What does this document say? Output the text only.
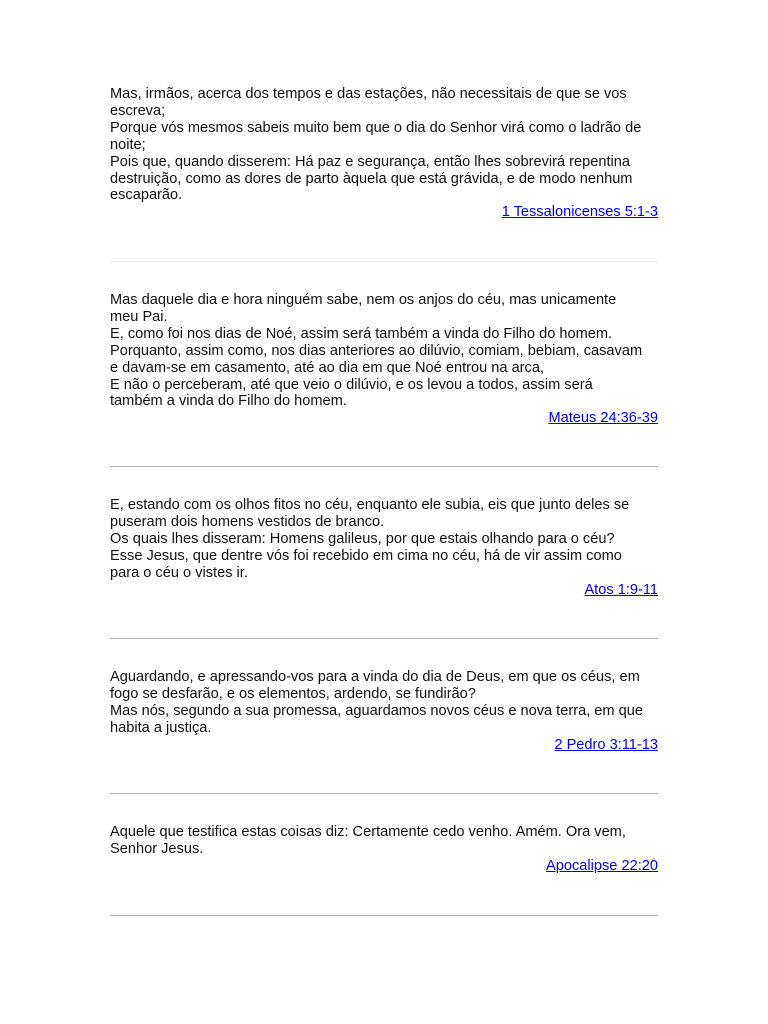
Mas, irmãos, acerca dos tempos e das estações, não necessitais de que se vos
escreva;
Porque vós mesmos sabeis muito bem que o dia do Senhor virá como o ladrão de
noite;
Pois que, quando disserem: Há paz e segurança, então lhes sobrevirá repentina
destruição, como as dores de parto àquela que está grávida, e de modo nenhum
escaparão.

1 Tessalonicenses 5:1-3

Mas daquele dia e hora ninguém sabe, nem os anjos do céu, mas unicamente
meu Pai.
E, como foi nos dias de Noé, assim será também a vinda do Filho do homem.
Porquanto, assim como, nos dias anteriores ao dilúvio, comiam, bebiam, casavam
e davam-se em casamento, até ao dia em que Noé entrou na arca,
E não o perceberam, até que veio o dilúvio, e os levou a todos, assim será
também a vinda do Filho do homem.

Mateus 24:36-39

E, estando com os olhos fitos no céu, enquanto ele subia, eis que junto deles se
puseram dois homens vestidos de branco.
Os quais lhes disseram: Homens galileus, por que estais olhando para o céu?
Esse Jesus, que dentre vós foi recebido em cima no céu, há de vir assim como
para o céu o vistes ir.

Atos 1:9-11

Aguardando, e apressando-vos para a vinda do dia de Deus, em que os céus, em
fogo se desfarão, e os elementos, ardendo, se fundirão?
Mas nós, segundo a sua promessa, aguardamos novos céus e nova terra, em que
habita a justiça.

2 Pedro 3:11-13

Aquele que testifica estas coisas diz: Certamente cedo venho. Amém. Ora vem,
Senhor Jesus.

Apocalipse 22:20
